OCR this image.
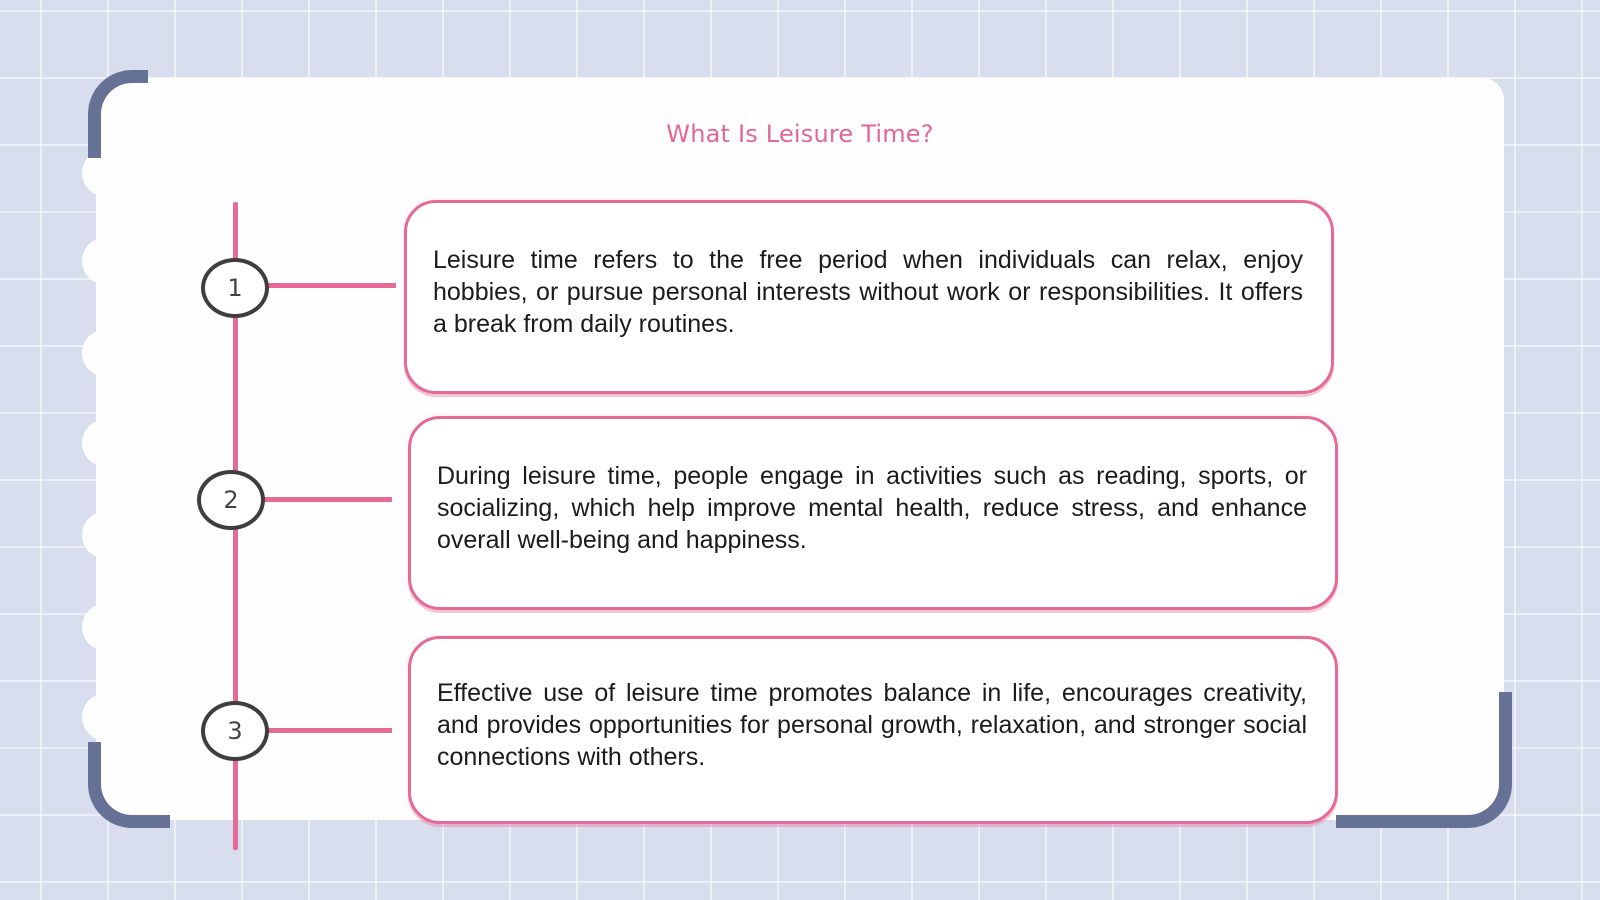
What Is Leisure Time?
1

Leisure time refers to the free period when individuals can relax, enjoy hobbies, or pursue personal interests without work or responsibilities. It offers a break from daily routines.

2

During leisure time, people engage in activities such as reading, sports, or socializing, which help improve mental health, reduce stress, and enhance overall well-being and happiness.

3

Effective use of leisure time promotes balance in life, encourages creativity, and provides opportunities for personal growth, relaxation, and stronger social connections with others.
